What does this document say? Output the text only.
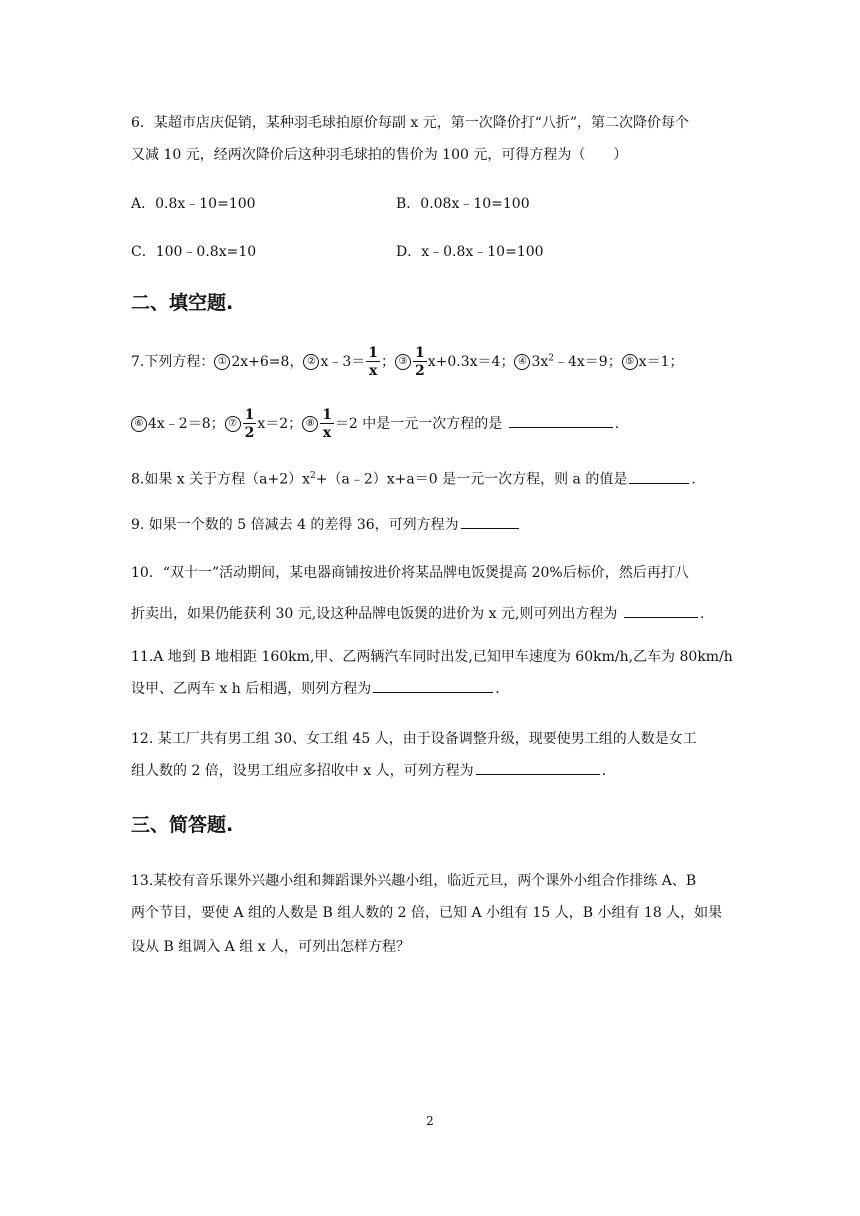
6．某超市店庆促销，某种羽毛球拍原价每副 x 元，第一次降价打“八折”，第二次降价每个
又减 10 元，经两次降价后这种羽毛球拍的售价为 100 元，可得方程为（　　）
A．0.8x﹣10=100	B．0.08x﹣10=100
C．100﹣0.8x=10	D．x﹣0.8x﹣10=100
二、填空题.
7.下列方程： ① 2x+6=8， ② x﹣3＝ $\frac{1}{x}$ ； ③ $\frac{1}{2} x+0.3x=4$； ④ $3x^2﹣4x=9$； ⑤ x＝1；
⑥ 4x﹣2＝8； ⑦ $\frac{1}{2} x=2$； ⑧ $\frac{1}{x} =2$ 中是一元一次方程的是	.
8.如果 x 关于方程$(a+2)x^2+(a﹣2)x+a=0$ 是一元一次方程，则 a 的值是	.
9. 如果一个数的 5 倍减去 4 的差得 36，可列方程为
10．“双十一”活动期间，某电器商铺按进价将某品牌电饭煲提高 20%后标价，然后再打八
折卖出，如果仍能获利 30 元,设这种品牌电饭煲的进价为 x 元,则可列出方程为	.
11.A 地到 B 地相距 160km,甲、乙两辆汽车同时出发,已知甲车速度为 60km/h,乙车为 80km/h
设甲、乙两车 x h 后相遇，则列方程为	.
12. 某工厂共有男工组 30、女工组 45 人，由于设备调整升级，现要使男工组的人数是女工
组人数的 2 倍，设男工组应多招收中 x 人，可列方程为	.
三、简答题.
13.某校有音乐课外兴趣小组和舞蹈课外兴趣小组，临近元旦，两个课外小组合作排练 A、B
两个节目，要使 A 组的人数是 B 组人数的 2 倍，已知 A 小组有 15 人，B 小组有 18 人，如果
设从 B 组调入 A 组 x 人，可列出怎样方程？
2
